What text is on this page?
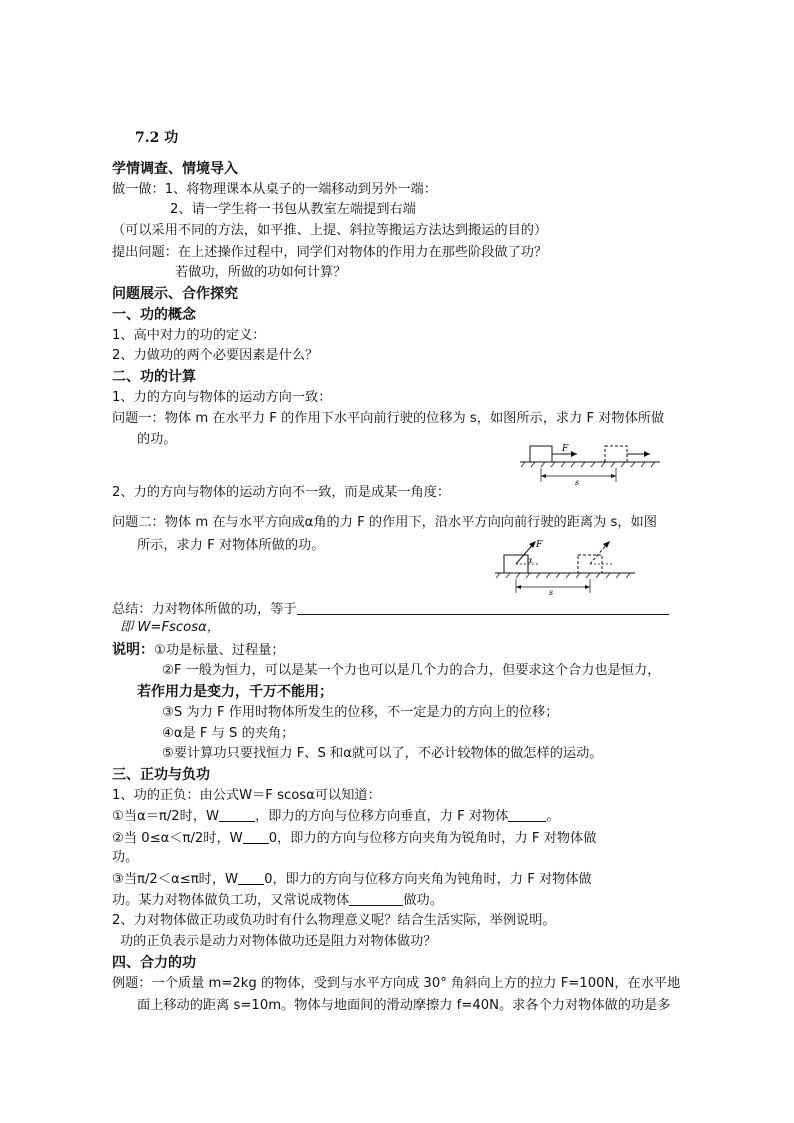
7.2 功
学情调查、情境导入
做一做：1、将物理课本从桌子的一端移动到另外一端：
2、请一学生将一书包从教室左端提到右端
（可以采用不同的方法，如平推、上提、斜拉等搬运方法达到搬运的目的）
提出问题：在上述操作过程中，同学们对物体的作用力在那些阶段做了功？
若做功，所做的功如何计算？
问题展示、合作探究
一、功的概念
1、高中对力的功的定义：
2、力做功的两个必要因素是什么？
二、功的计算
1、力的方向与物体的运动方向一致：
问题一：物体 m 在水平力 F 的作用下水平向前行驶的位移为 s，如图所示，求力 F 对物体所做
的功。
F
s
2、力的方向与物体的运动方向不一致，而是成某一角度：
问题二：物体 m 在与水平方向成α角的力 F 的作用下，沿水平方向向前行驶的距离为 s，如图
所示，求力 F 对物体所做的功。	F
α
s
总结：力对物体所做的功，等于
即 W=Fscosα，
说明：①功是标量、过程量；
②F 一般为恒力，可以是某一个力也可以是几个力的合力，但要求这个合力也是恒力，
若作用力是变力，千万不能用；
③S 为力 F 作用时物体所发生的位移，不一定是力的方向上的位移；
④α是 F 与 S 的夹角；
⑤要计算功只要找恒力 F、S 和α就可以了，不必计较物体的做怎样的运动。
三、正功与负功
1、功的正负：由公式W＝F scosα可以知道：
①当α＝π/2时，W	，即力的方向与位移方向垂直，力 F 对物体	。
②当 0≤α＜π/2时，W 0，即力的方向与位移方向夹角为锐角时，力 F 对物体做
功。
③当π/2＜α≤π时，W 0，即力的方向与位移方向夹角为钝角时，力 F 对物体做
功。某力对物体做负工功，又常说成物体	做功。
2、力对物体做正功或负功时有什么物理意义呢？结合生活实际，举例说明。
功的正负表示是动力对物体做功还是阻力对物体做功？
四、合力的功
例题：一个质量 m=2kg 的物体，受到与水平方向成 30° 角斜向上方的拉力 F=100N，在水平地
面上移动的距离 s=10m。物体与地面间的滑动摩擦力 f=40N。求各个力对物体做的功是多
